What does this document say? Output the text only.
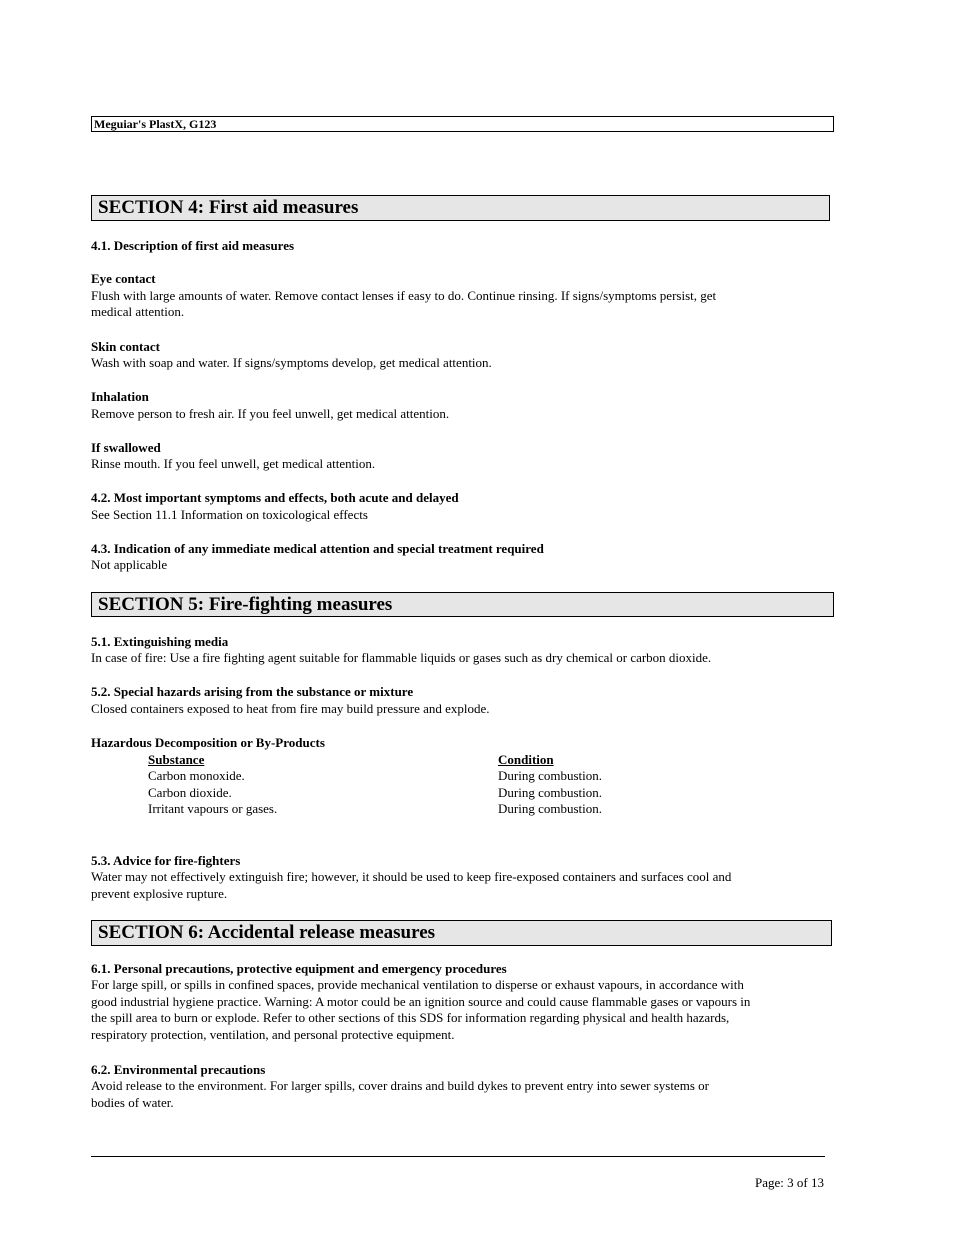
Meguiar's PlastX, G123
SECTION 4: First aid measures
4.1. Description of first aid measures
Eye contact
Flush with large amounts of water. Remove contact lenses if easy to do. Continue rinsing. If signs/symptoms persist, get
medical attention.
Skin contact
Wash with soap and water. If signs/symptoms develop, get medical attention.
Inhalation
Remove person to fresh air. If you feel unwell, get medical attention.
If swallowed
Rinse mouth. If you feel unwell, get medical attention.
4.2. Most important symptoms and effects, both acute and delayed
See Section 11.1 Information on toxicological effects
4.3. Indication of any immediate medical attention and special treatment required
Not applicable
SECTION 5: Fire-fighting measures
5.1. Extinguishing media
In case of fire: Use a fire fighting agent suitable for flammable liquids or gases such as dry chemical or carbon dioxide.
5.2. Special hazards arising from the substance or mixture
Closed containers exposed to heat from fire may build pressure and explode.
Hazardous Decomposition or By-Products
Substance	Condition
Carbon monoxide.	During combustion.
Carbon dioxide.	During combustion.
Irritant vapours or gases.	During combustion.
5.3. Advice for fire-fighters
Water may not effectively extinguish fire; however, it should be used to keep fire-exposed containers and surfaces cool and
prevent explosive rupture.
SECTION 6: Accidental release measures
6.1. Personal precautions, protective equipment and emergency procedures
For large spill, or spills in confined spaces, provide mechanical ventilation to disperse or exhaust vapours, in accordance with
good industrial hygiene practice. Warning: A motor could be an ignition source and could cause flammable gases or vapours in
the spill area to burn or explode. Refer to other sections of this SDS for information regarding physical and health hazards,
respiratory protection, ventilation, and personal protective equipment.
6.2. Environmental precautions
Avoid release to the environment. For larger spills, cover drains and build dykes to prevent entry into sewer systems or
bodies of water.
Page: 3 of 13
